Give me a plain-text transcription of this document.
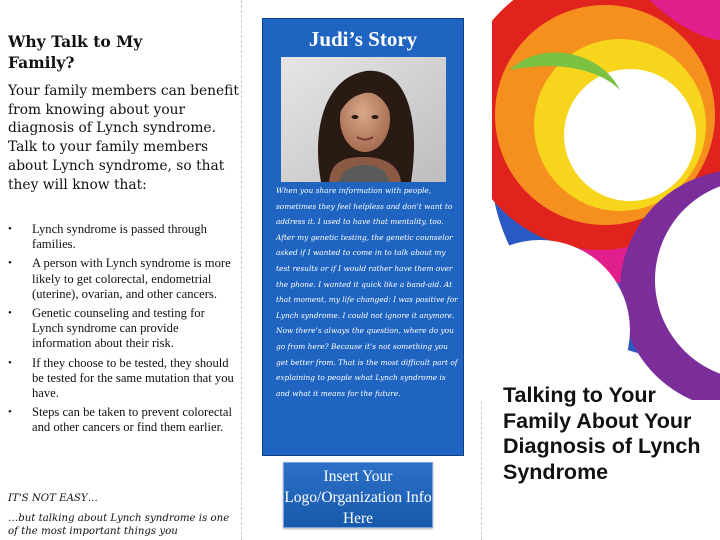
Why Talk to My Family?

Your family members can benefit from knowing about your diagnosis of Lynch syndrome. Talk to your family members about Lynch syndrome, so that they will know that:

• Lynch syndrome is passed through families.
• A person with Lynch syndrome is more likely to get colorectal, endometrial (uterine), ovarian, and other cancers.
• Genetic counseling and testing for Lynch syndrome can provide information about their risk.
• If they choose to be tested, they should be tested for the same mutation that you have.
• Steps can be taken to prevent colorectal and other cancers or find them earlier.

IT'S NOT EASY…

…but talking about Lynch syndrome is one of the most important things you

Judi’s Story

When you share information with people, sometimes they feel helpless and don’t want to address it. I used to have that mentality, too. After my genetic testing, the genetic counselor asked if I wanted to come in to talk about my test results or if I would rather have them over the phone. I wanted it quick like a band-aid. At that moment, my life changed: I was positive for Lynch syndrome. I could not ignore it anymore. Now there’s always the question, where do you go from here? Because it’s not something you get better from. That is the most difficult part of explaining to people what Lynch syndrome is and what it means for the future.

Insert Your Logo/Organization Info Here

Talking to Your Family About Your Diagnosis of Lynch Syndrome
